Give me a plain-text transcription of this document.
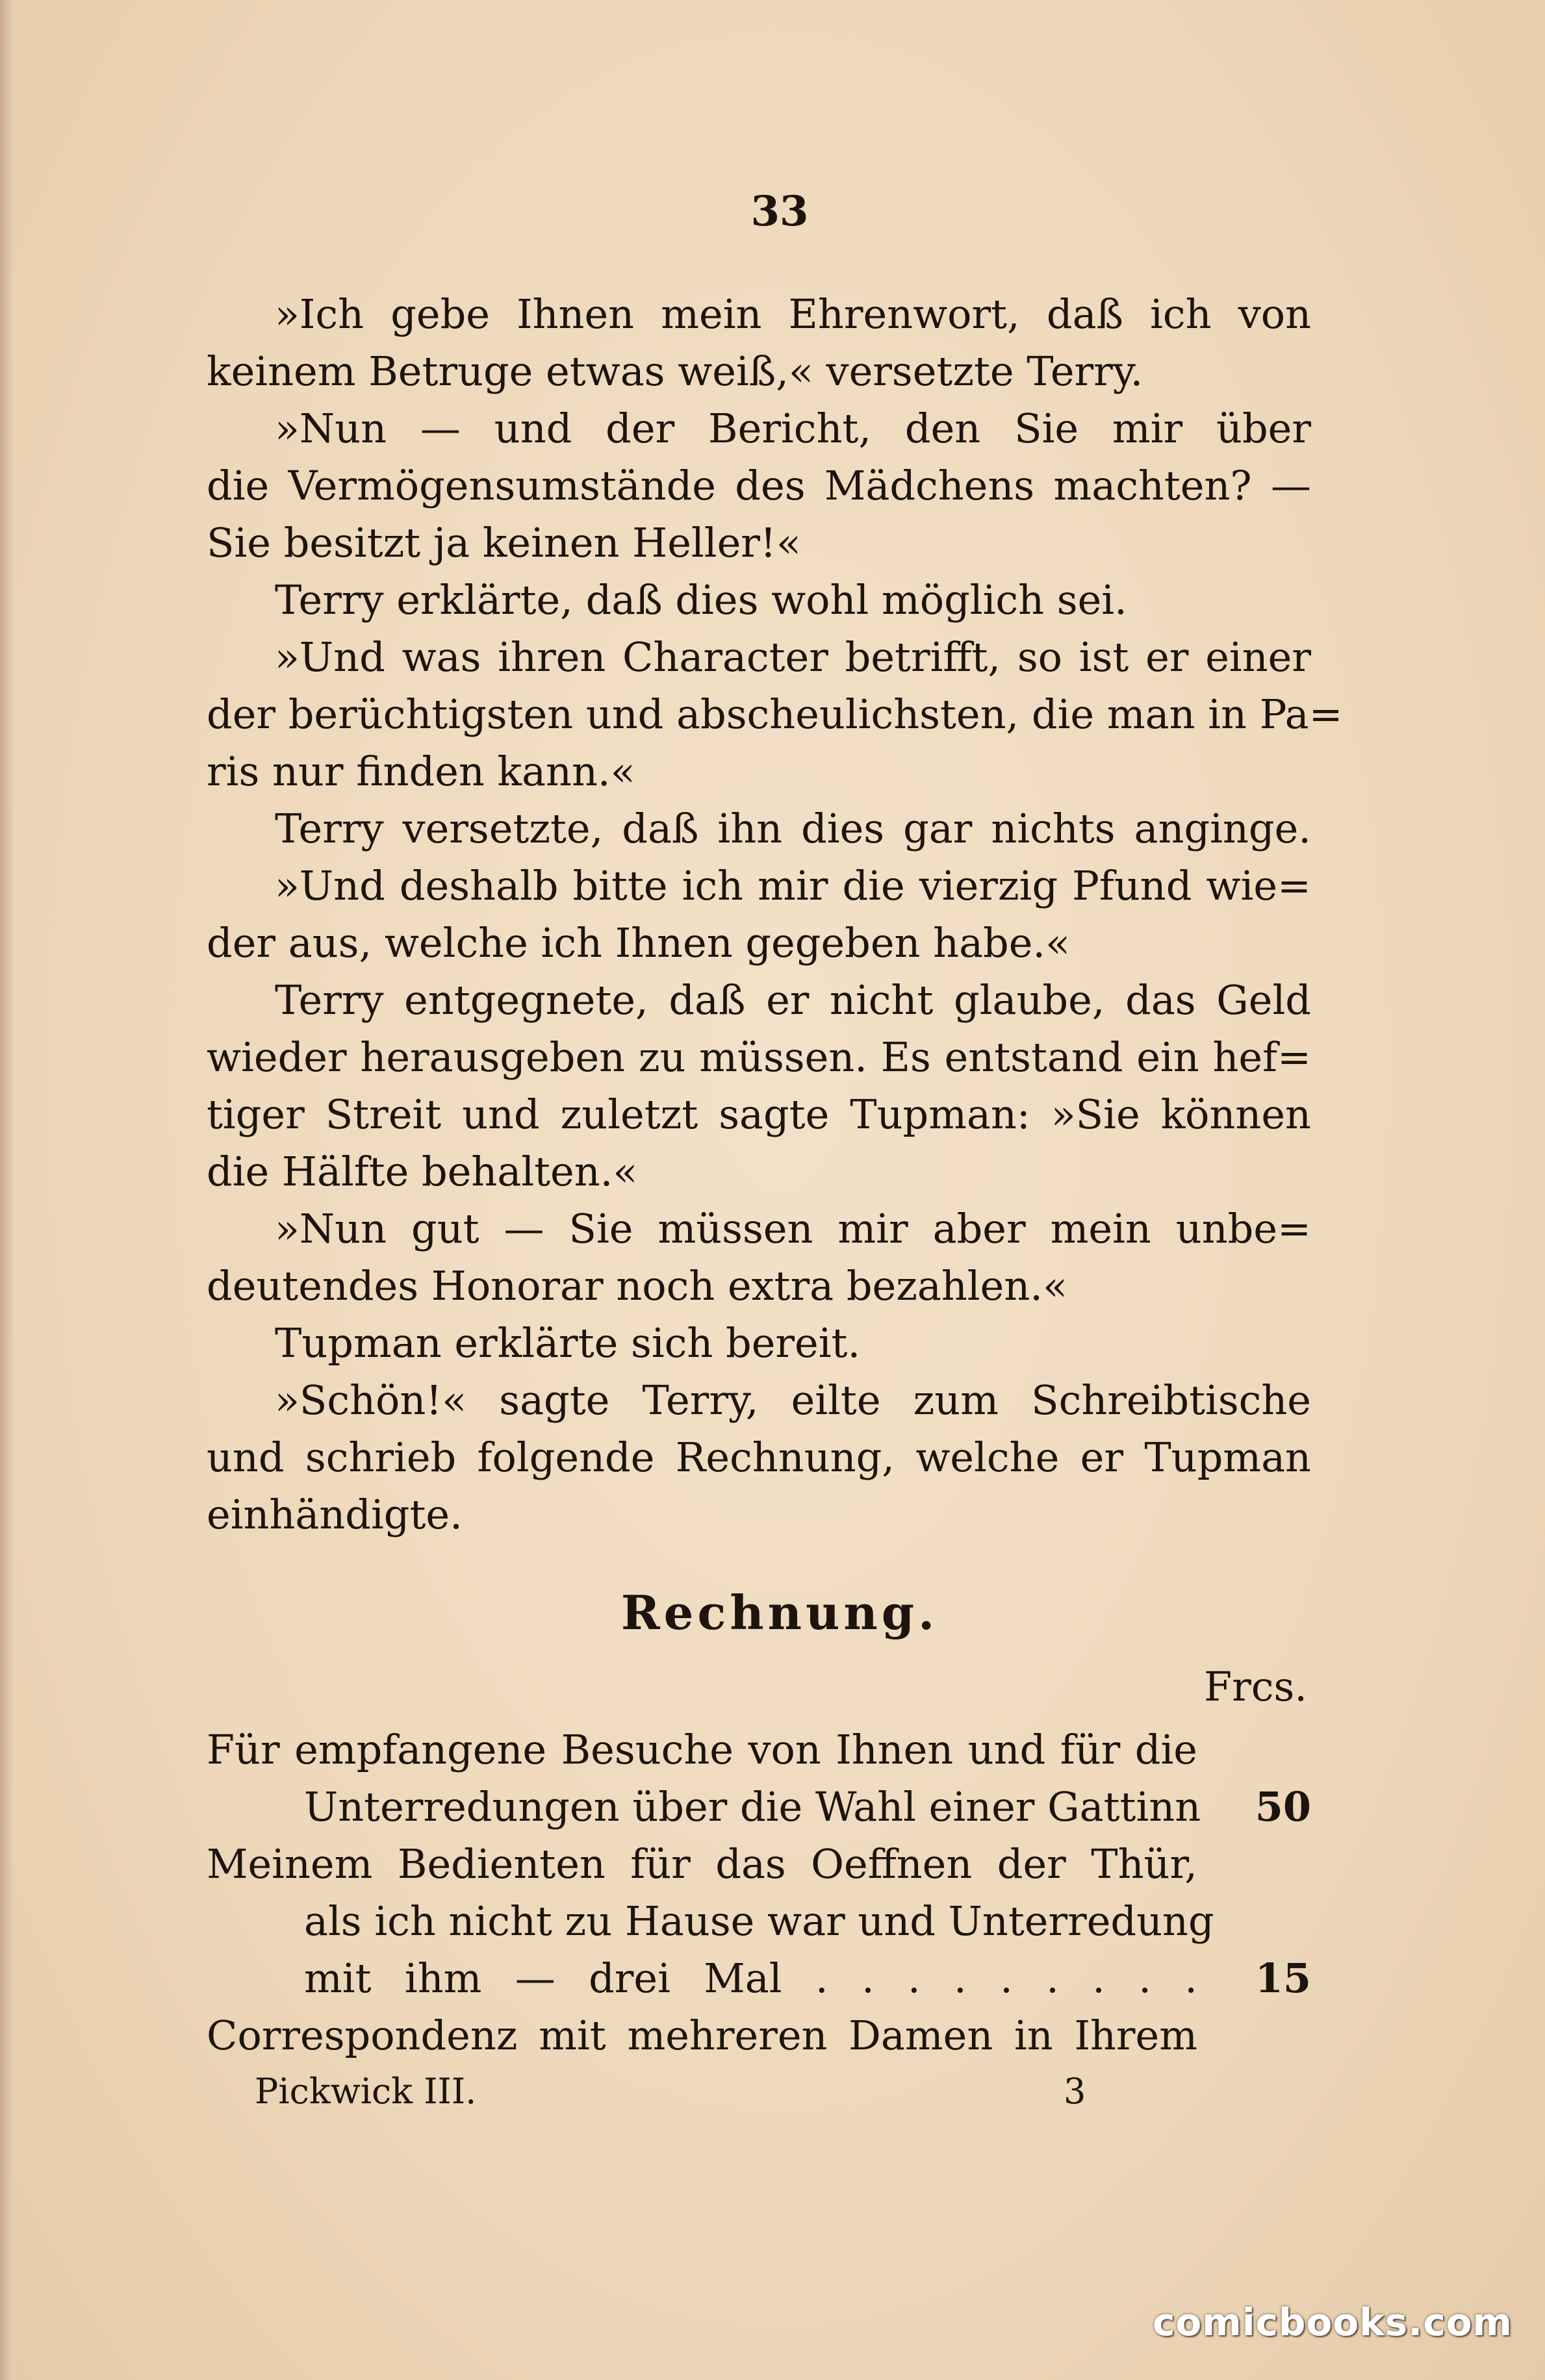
33
»Ich gebe Ihnen mein Ehrenwort, daß ich von
keinem Betruge etwas weiß,« versetzte Terry.
»Nun — und der Bericht, den Sie mir über
die Vermögensumstände des Mädchens machten? —
Sie besitzt ja keinen Heller!«
Terry erklärte, daß dies wohl möglich sei.
»Und was ihren Character betrifft, so ist er einer
der berüchtigsten und abscheulichsten, die man in Pa=
ris nur finden kann.«
Terry versetzte, daß ihn dies gar nichts anginge.
»Und deshalb bitte ich mir die vierzig Pfund wie=
der aus, welche ich Ihnen gegeben habe.«
Terry entgegnete, daß er nicht glaube, das Geld
wieder herausgeben zu müssen. Es entstand ein hef=
tiger Streit und zuletzt sagte Tupman: »Sie können
die Hälfte behalten.«
»Nun gut — Sie müssen mir aber mein unbe=
deutendes Honorar noch extra bezahlen.«
Tupman erklärte sich bereit.
»Schön!« sagte Terry, eilte zum Schreibtische
und schrieb folgende Rechnung, welche er Tupman
einhändigte.
Rechnung.
Frcs.
Für empfangene Besuche von Ihnen und für die
Unterredungen über die Wahl einer Gattinn	50
Meinem Bedienten für das Oeffnen der Thür,
als ich nicht zu Hause war und Unterredung
mit ihm — drei Mal . . . . . . . . .	15
Correspondenz mit mehreren Damen in Ihrem
Pickwick III.	3
comicbooks.com
